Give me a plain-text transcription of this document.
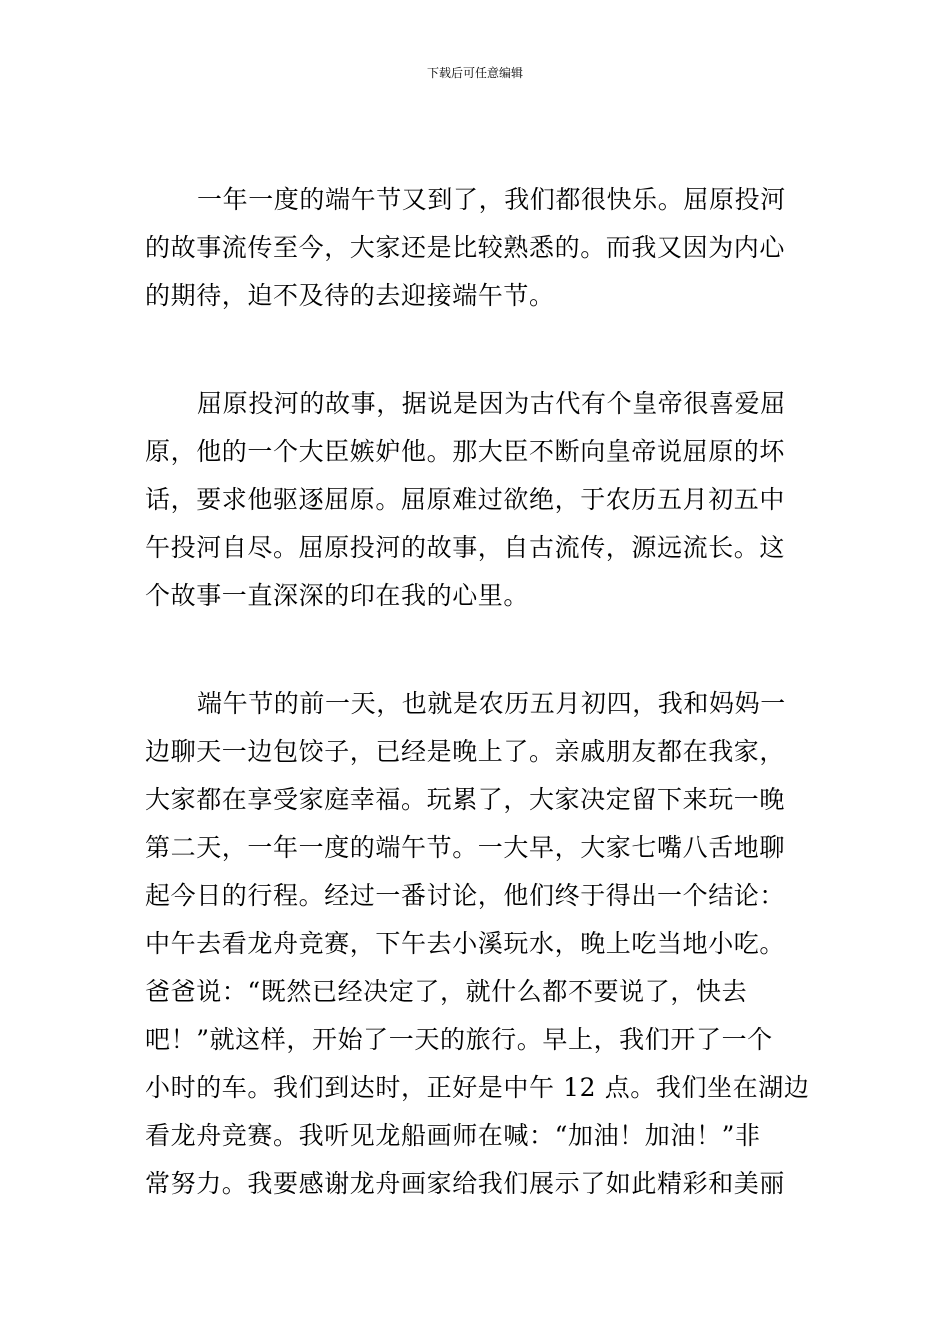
下载后可任意编辑
一年一度的端午节又到了，我们都很快乐。屈原投河
的故事流传至今，大家还是比较熟悉的。而我又因为内心
的期待，迫不及待的去迎接端午节。
屈原投河的故事，据说是因为古代有个皇帝很喜爱屈
原，他的一个大臣嫉妒他。那大臣不断向皇帝说屈原的坏
话，要求他驱逐屈原。屈原难过欲绝，于农历五月初五中
午投河自尽。屈原投河的故事，自古流传，源远流长。这
个故事一直深深的印在我的心里。
端午节的前一天，也就是农历五月初四，我和妈妈一
边聊天一边包饺子，已经是晚上了。亲戚朋友都在我家，
大家都在享受家庭幸福。玩累了，大家决定留下来玩一晚
第二天，一年一度的端午节。一大早，大家七嘴八舌地聊
起今日的行程。经过一番讨论，他们终于得出一个结论：
中午去看龙舟竞赛，下午去小溪玩水，晚上吃当地小吃。
爸爸说：“既然已经决定了，就什么都不要说了，快去
吧！”就这样，开始了一天的旅行。早上，我们开了一个
小时的车。我们到达时，正好是中午 12 点。我们坐在湖边
看龙舟竞赛。我听见龙船画师在喊：“加油！加油！”非
常努力。我要感谢龙舟画家给我们展示了如此精彩和美丽
